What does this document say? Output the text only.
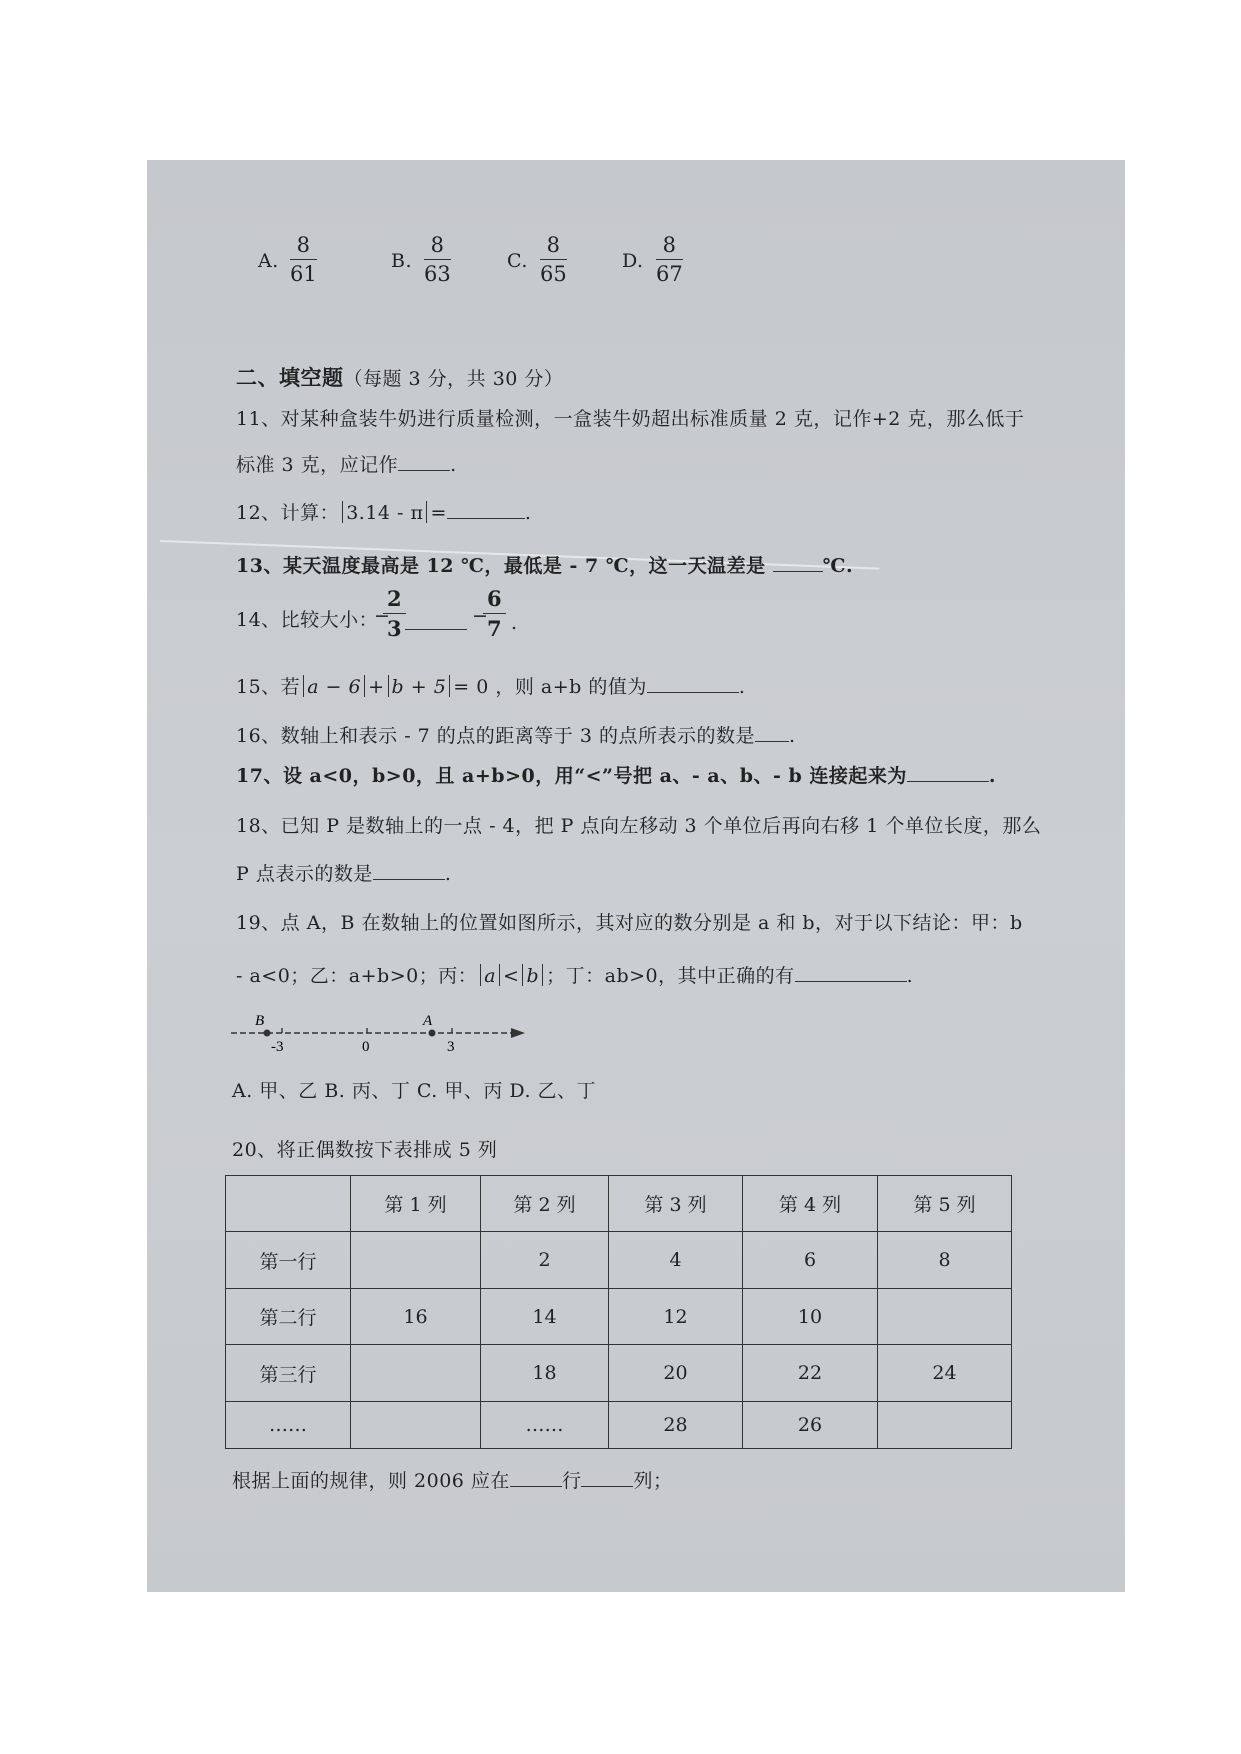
A. $\frac{8}{61}$	B. $\frac{8}{63}$	C. $\frac{8}{65}$	D. $\frac{8}{67}$
二、填空题（每题 3 分，共 30 分）
11、对某种盒装牛奶进行质量检测，一盒装牛奶超出标准质量 2 克，记作+2 克，那么低于
标准 3 克，应记作	.
12、计算： 3.14 - π =	.
13、某天温度最高是 12 ℃，最低是 - 7 ℃，这一天温差是	℃.
14、比较大小：
−
$\frac{2}{3}$	−
$\frac{6}{7}$ .
15、若 a − 6 + b + 5 = 0 ，则 a+b 的值为	.
16、数轴上和表示 - 7 的点的距离等于 3 的点所表示的数是 .
17、设 a<0，b>0，且 a+b>0，用“<”号把 a、- a、b、- b 连接起来为	.
18、已知 P 是数轴上的一点 - 4，把 P 点向左移动 3 个单位后再向右移 1 个单位长度，那么
P 点表示的数是	.
19、点 A，B 在数轴上的位置如图所示，其对应的数分别是 a 和 b，对于以下结论：甲：b
- a<0；乙：a+b>0；丙： a < b ；丁：ab>0，其中正确的有	.
B	A
-3	0	3
A. 甲、乙 B. 丙、丁 C. 甲、丙 D. 乙、丁
20、将正偶数按下表排成 5 列
	第 1 列	第 2 列	第 3 列	第 4 列	第 5 列
第一行		2	4	6	8
第二行	16	14	12	10	
第三行		18	20	22	24
……		……	28	26	
根据上面的规律，则 2006 应在	行	列；
